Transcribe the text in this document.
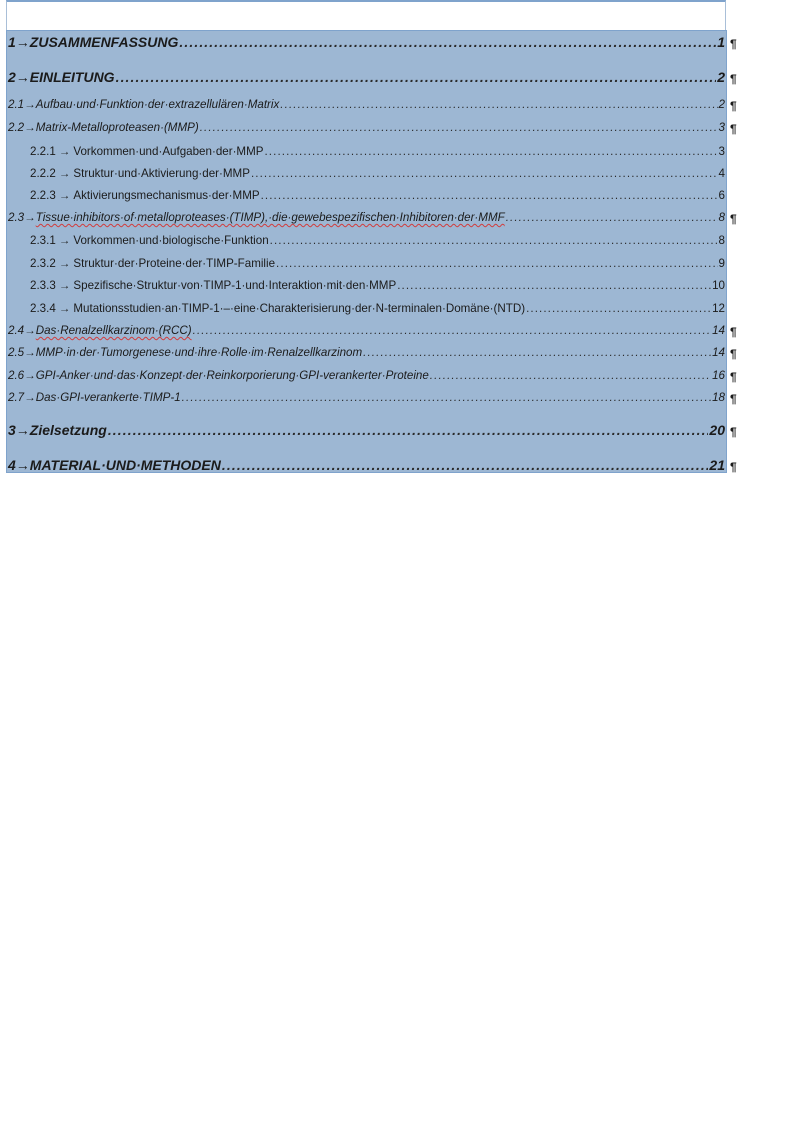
1→ZUSAMMENFASSUNG .....	1 ¶
2→EINLEITUNG .....	2 ¶
2.1→Aufbau·und·Funktion·der·extrazellulären·Matrix .....	2 ¶
2.2→Matrix-Metalloproteasen·(MMP) .....	3 ¶
2.2.1 → Vorkommen·und·Aufgaben·der·MMP .....	3
2.2.2 → Struktur·und·Aktivierung·der·MMP .....	4
2.2.3 → Aktivierungsmechanismus·der·MMP .....	6
2.3→Tissue·inhibitors·of·metalloproteases·(TIMP),·die·gewebespezifischen·Inhibitoren·der·MMF .....	8 ¶
2.3.1 → Vorkommen·und·biologische·Funktion .....	8
2.3.2 → Struktur·der·Proteine·der·TIMP-Familie .....	9
2.3.3 → Spezifische·Struktur·von·TIMP-1·und·Interaktion·mit·den·MMP .....	10
2.3.4 → Mutationsstudien·an·TIMP-1·–·eine·Charakterisierung·der·N-terminalen·Domäne·(NTD) .....	12
2.4→Das·Renalzellkarzinom·(RCC) .....	14 ¶
2.5→MMP·in·der·Tumorgenese·und·ihre·Rolle·im·Renalzellkarzinom .....	14 ¶
2.6→GPI-Anker·und·das·Konzept·der·Reinkorporierung·GPI-verankerter·Proteine .....	16 ¶
2.7→Das·GPI-verankerte·TIMP-1 .....	18 ¶
3→Zielsetzung .....	20 ¶
4→MATERIAL·UND·METHODEN .....	21 ¶
